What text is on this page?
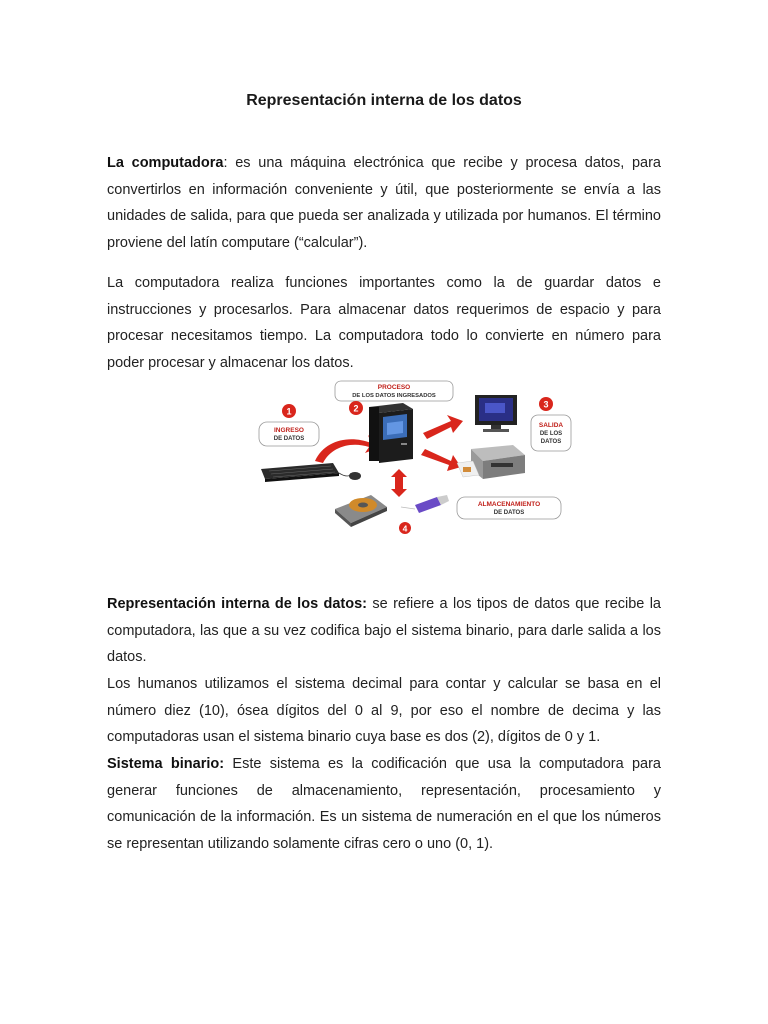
Representación interna de los datos

La computadora: es una máquina electrónica que recibe y procesa datos, para convertirlos en información conveniente y útil, que posteriormente se envía a las unidades de salida, para que pueda ser analizada y utilizada por humanos. El término proviene del latín computare (“calcular”).

La computadora realiza funciones importantes como la de guardar datos e instrucciones y procesarlos. Para almacenar datos requerimos de espacio y para procesar necesitamos tiempo. La computadora todo lo convierte en número para poder procesar y almacenar los datos.

1
INGRESO
DE DATOS
PROCESO
DE LOS DATOS INGRESADOS
2	3
SALIDA
DE LOS
DATOS
4
ALMACENAMIENTO
DE DATOS

Representación interna de los datos: se refiere a los tipos de datos que recibe la computadora, las que a su vez codifica bajo el sistema binario, para darle salida a los datos.

Los humanos utilizamos el sistema decimal para contar y calcular se basa en el número diez (10), ósea dígitos del 0 al 9, por eso el nombre de decima y las computadoras usan el sistema binario cuya base es dos (2), dígitos de 0 y 1.

Sistema binario: Este sistema es la codificación que usa la computadora para generar funciones de almacenamiento, representación, procesamiento y comunicación de la información. Es un sistema de numeración en el que los números se representan utilizando solamente cifras cero o uno (0, 1).
